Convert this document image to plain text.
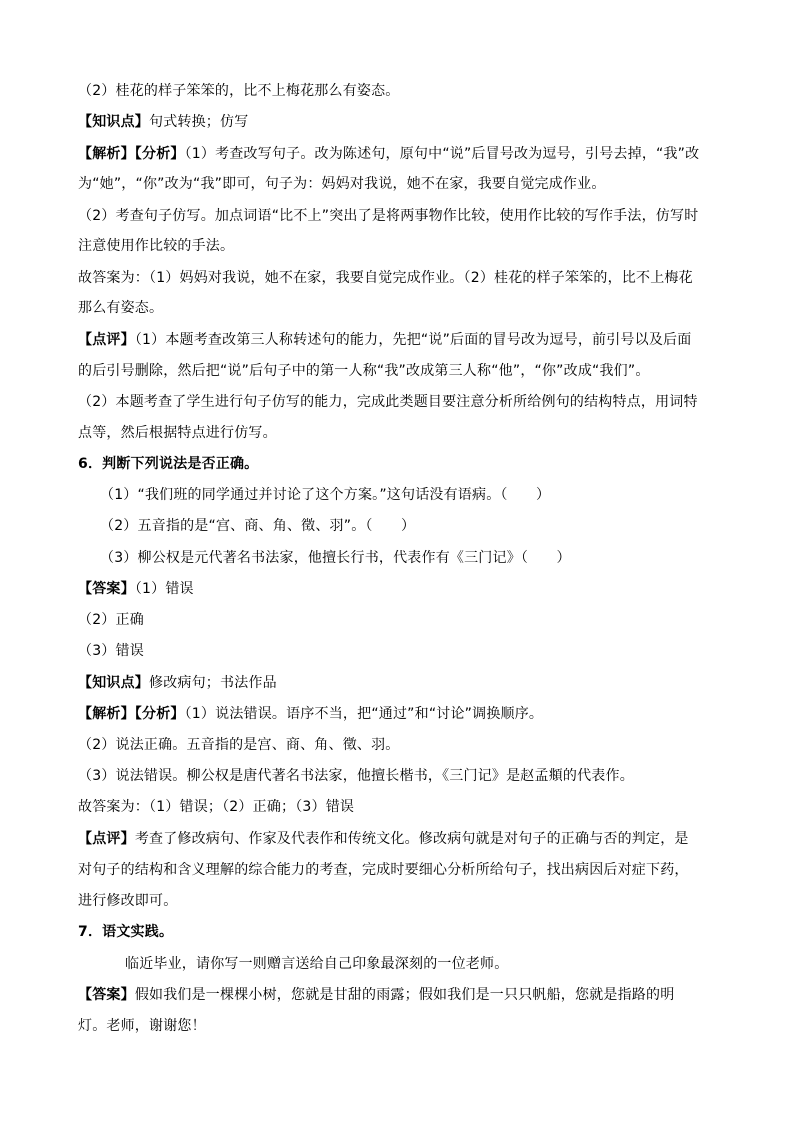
（2）桂花的样子笨笨的，比不上梅花那么有姿态。
【知识点】句式转换；仿写
【解析】【分析】（1）考查改写句子。改为陈述句，原句中“说”后冒号改为逗号，引号去掉，“我”改
为“她”，“你”改为“我”即可，句子为：妈妈对我说，她不在家，我要自觉完成作业。
（2）考查句子仿写。加点词语“比不上”突出了是将两事物作比较，使用作比较的写作手法，仿写时
注意使用作比较的手法。
故答案为：（1）妈妈对我说，她不在家，我要自觉完成作业。（2）桂花的样子笨笨的，比不上梅花
那么有姿态。
【点评】（1）本题考查改第三人称转述句的能力，先把“说”后面的冒号改为逗号，前引号以及后面
的后引号删除，然后把“说”后句子中的第一人称“我”改成第三人称“他”，“你”改成“我们”。
（2）本题考查了学生进行句子仿写的能力，完成此类题目要注意分析所给例句的结构特点，用词特
点等，然后根据特点进行仿写。
6．判断下列说法是否正确。
（1）“我们班的同学通过并讨论了这个方案。”这句话没有语病。（　　）
（2）五音指的是“宫、商、角、徵、羽”。（　　）
（3）柳公权是元代著名书法家，他擅长行书，代表作有《三门记》（　　）
【答案】（1）错误
（2）正确
（3）错误
【知识点】修改病句；书法作品
【解析】【分析】（1）说法错误。语序不当，把“通过”和“讨论”调换顺序。
（2）说法正确。五音指的是宫、商、角、徵、羽。
（3）说法错误。柳公权是唐代著名书法家，他擅长楷书，《三门记》是赵孟頫的代表作。
故答案为：（1）错误；（2）正确；（3）错误
【点评】考查了修改病句、作家及代表作和传统文化。修改病句就是对句子的正确与否的判定，是
对句子的结构和含义理解的综合能力的考查，完成时要细心分析所给句子，找出病因后对症下药，
进行修改即可。
7．语文实践。
临近毕业，请你写一则赠言送给自己印象最深刻的一位老师。
【答案】假如我们是一棵棵小树，您就是甘甜的雨露；假如我们是一只只帆船，您就是指路的明
灯。老师，谢谢您！
